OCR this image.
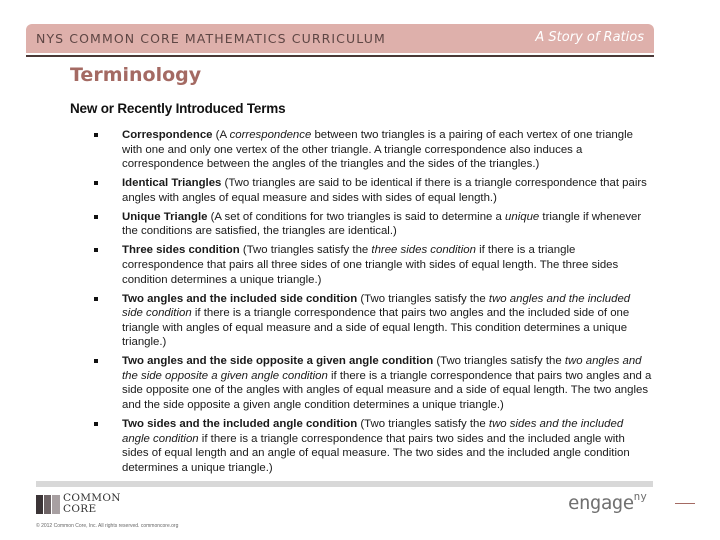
NYS COMMON CORE MATHEMATICS CURRICULUM	A Story of Ratios
Terminology
New or Recently Introduced Terms
Correspondence (A correspondence between two triangles is a pairing of each vertex of one triangle with one and only one vertex of the other triangle. A triangle correspondence also induces a correspondence between the angles of the triangles and the sides of the triangles.)
Identical Triangles (Two triangles are said to be identical if there is a triangle correspondence that pairs angles with angles of equal measure and sides with sides of equal length.)
Unique Triangle (A set of conditions for two triangles is said to determine a unique triangle if whenever the conditions are satisfied, the triangles are identical.)
Three sides condition (Two triangles satisfy the three sides condition if there is a triangle correspondence that pairs all three sides of one triangle with sides of equal length. The three sides condition determines a unique triangle.)
Two angles and the included side condition (Two triangles satisfy the two angles and the included side condition if there is a triangle correspondence that pairs two angles and the included side of one triangle with angles of equal measure and a side of equal length. This condition determines a unique triangle.)
Two angles and the side opposite a given angle condition (Two triangles satisfy the two angles and the side opposite a given angle condition if there is a triangle correspondence that pairs two angles and a side opposite one of the angles with angles of equal measure and a side of equal length. The two angles and the side opposite a given angle condition determines a unique triangle.)
Two sides and the included angle condition (Two triangles satisfy the two sides and the included angle condition if there is a triangle correspondence that pairs two sides and the included angle with sides of equal length and an angle of equal measure. The two sides and the included angle condition determines a unique triangle.)
COMMON
CORE
© 2012 Common Core, Inc. All rights reserved. commoncore.org
engage$^{ny}$
